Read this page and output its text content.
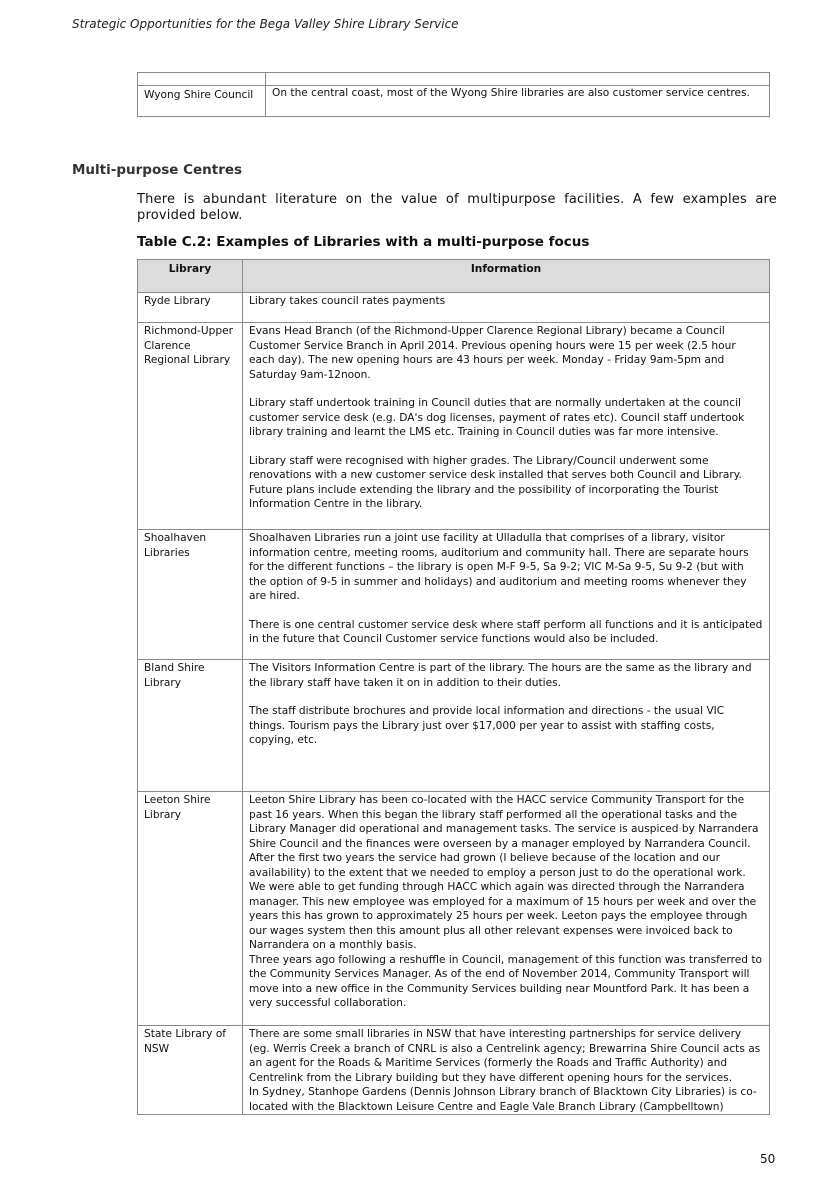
Strategic Opportunities for the Bega Valley Shire Library Service

Wyong Shire Council	On the central coast, most of the Wyong Shire libraries are also customer service centres.
Multi-purpose Centres
There is abundant literature on the value of multipurpose facilities. A few examples are provided below.
Table C.2: Examples of Libraries with a multi-purpose focus
Library	Information
Ryde Library	Library takes council rates payments

Richmond-Upper Clarence Regional Library	Evans Head Branch (of the Richmond-Upper Clarence Regional Library) became a Council Customer Service Branch in April 2014. Previous opening hours were 15 per week (2.5 hour each day). The new opening hours are 43 hours per week. Monday - Friday 9am-5pm and Saturday 9am-12noon.

Library staff undertook training in Council duties that are normally undertaken at the council customer service desk (e.g. DA's dog licenses, payment of rates etc). Council staff undertook library training and learnt the LMS etc. Training in Council duties was far more intensive.

Library staff were recognised with higher grades. The Library/Council underwent some renovations with a new customer service desk installed that serves both Council and Library. Future plans include extending the library and the possibility of incorporating the Tourist Information Centre in the library.

Shoalhaven Libraries	Shoalhaven Libraries run a joint use facility at Ulladulla that comprises of a library, visitor information centre, meeting rooms, auditorium and community hall. There are separate hours for the different functions – the library is open M-F 9-5, Sa 9-2; VIC M-Sa 9-5, Su 9-2 (but with the option of 9-5 in summer and holidays) and auditorium and meeting rooms whenever they are hired.

There is one central customer service desk where staff perform all functions and it is anticipated in the future that Council Customer service functions would also be included.

Bland Shire Library	The Visitors Information Centre is part of the library. The hours are the same as the library and the library staff have taken it on in addition to their duties.

The staff distribute brochures and provide local information and directions - the usual VIC things. Tourism pays the Library just over $17,000 per year to assist with staffing costs, copying, etc.

Leeton Shire Library	Leeton Shire Library has been co-located with the HACC service Community Transport for the past 16 years. When this began the library staff performed all the operational tasks and the Library Manager did operational and management tasks. The service is auspiced by Narrandera Shire Council and the finances were overseen by a manager employed by Narrandera Council. After the first two years the service had grown (I believe because of the location and our availability) to the extent that we needed to employ a person just to do the operational work. We were able to get funding through HACC which again was directed through the Narrandera manager. This new employee was employed for a maximum of 15 hours per week and over the years this has grown to approximately 25 hours per week. Leeton pays the employee through our wages system then this amount plus all other relevant expenses were invoiced back to Narrandera on a monthly basis.

Three years ago following a reshuffle in Council, management of this function was transferred to the Community Services Manager. As of the end of November 2014, Community Transport will move into a new office in the Community Services building near Mountford Park. It has been a very successful collaboration.

State Library of NSW	There are some small libraries in NSW that have interesting partnerships for service delivery (eg. Werris Creek a branch of CNRL is also a Centrelink agency; Brewarrina Shire Council acts as an agent for the Roads & Maritime Services (formerly the Roads and Traffic Authority) and Centrelink from the Library building but they have different opening hours for the services.

In Sydney, Stanhope Gardens (Dennis Johnson Library branch of Blacktown City Libraries) is co-located with the Blacktown Leisure Centre and Eagle Vale Branch Library (Campbelltown)

50
